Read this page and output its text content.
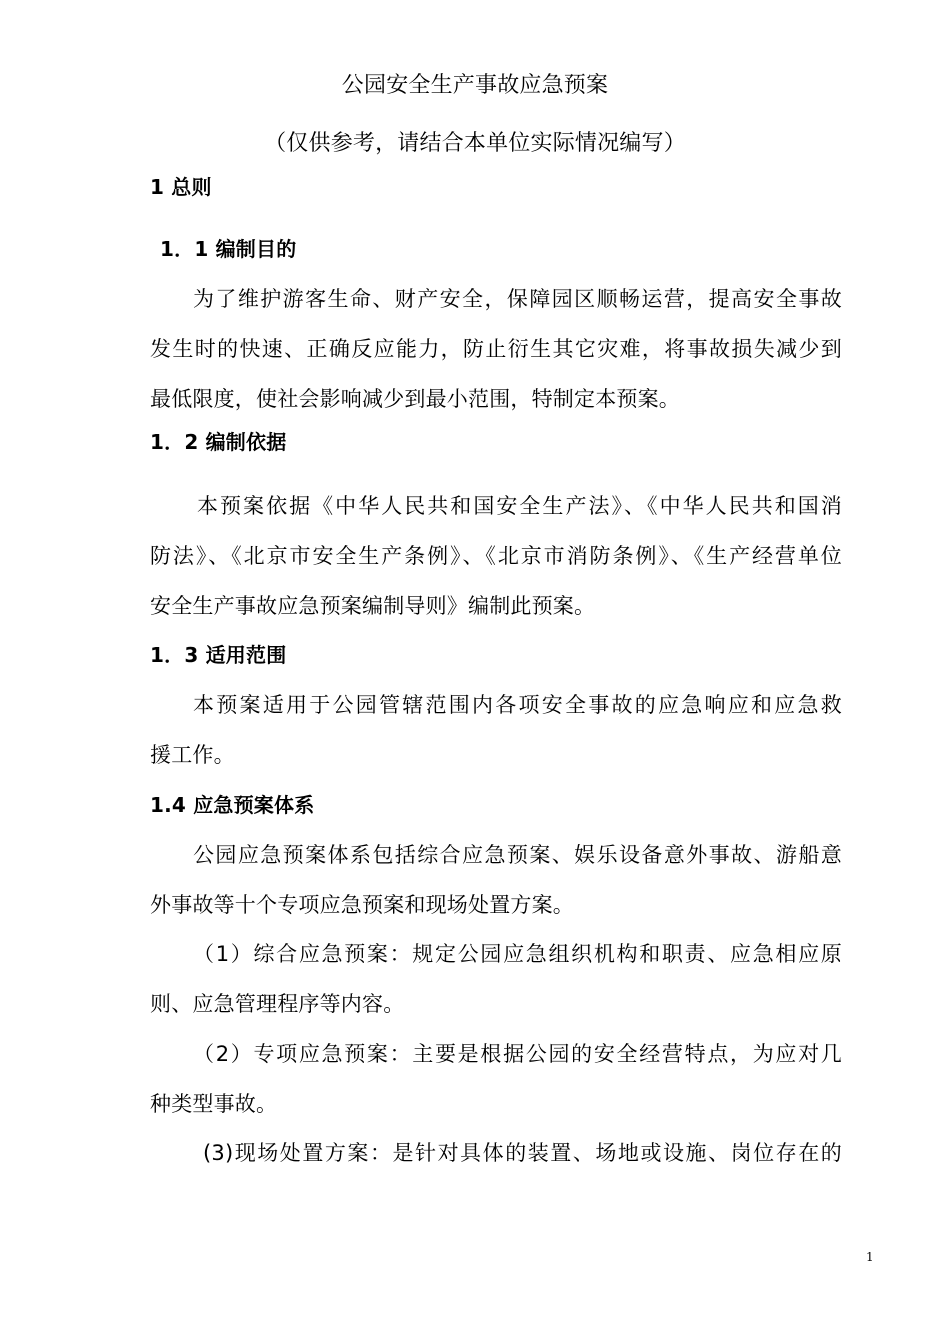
公园安全生产事故应急预案
（仅供参考，请结合本单位实际情况编写）
1 总则
1．1 编制目的
为了维护游客生命、财产安全，保障园区顺畅运营，提高安全事故
发生时的快速、正确反应能力，防止衍生其它灾难，将事故损失减少到
最低限度，使社会影响减少到最小范围，特制定本预案。
1．2 编制依据
本预案依据《中华人民共和国安全生产法》、《中华人民共和国消
防法》、《北京市安全生产条例》、《北京市消防条例》、《生产经营单位
安全生产事故应急预案编制导则》编制此预案。
1．3 适用范围
本预案适用于公园管辖范围内各项安全事故的应急响应和应急救
援工作。
1.4 应急预案体系
公园应急预案体系包括综合应急预案、娱乐设备意外事故、游船意
外事故等十个专项应急预案和现场处置方案。
（1）综合应急预案：规定公园应急组织机构和职责、应急相应原
则、应急管理程序等内容。
（2）专项应急预案：主要是根据公园的安全经营特点，为应对几
种类型事故。
(3)现场处置方案：是针对具体的装置、场地或设施、岗位存在的
1
